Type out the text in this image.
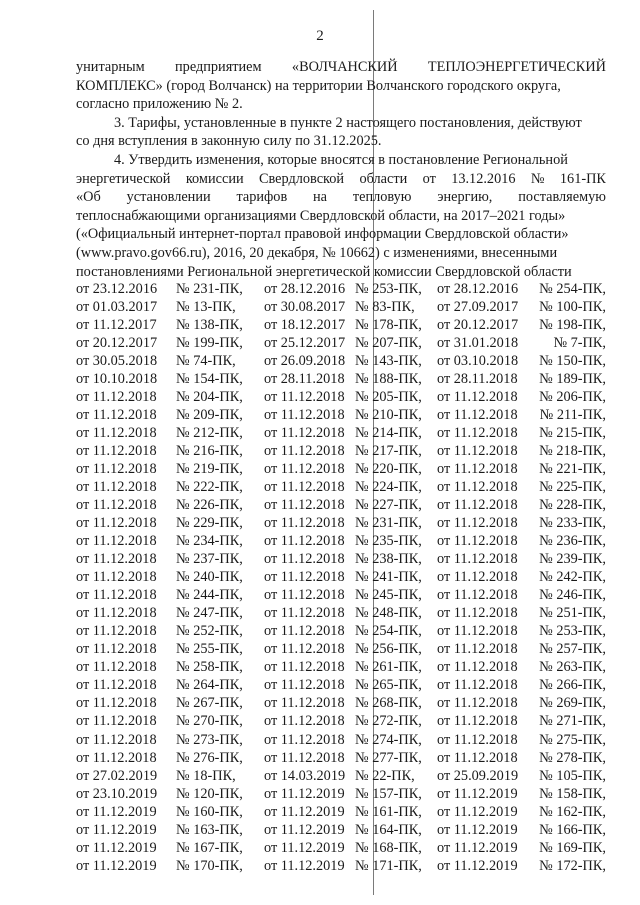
2
унитарным предприятием «ВОЛЧАНСКИЙ ТЕПЛОЭНЕРГЕТИЧЕСКИЙ
КОМПЛЕКС» (город Волчанск) на территории Волчанского городского округа,
согласно приложению № 2.
3. Тарифы, установленные в пункте 2 настоящего постановления, действуют
со дня вступления в законную силу по 31.12.2025.
4. Утвердить изменения, которые вносятся в постановление Региональной
энергетической комиссии Свердловской области от 13.12.2016 № 161-ПК
«Об установлении тарифов на тепловую энергию, поставляемую
теплоснабжающими организациями Свердловской области, на 2017–2021 годы»
(«Официальный интернет-портал правовой информации Свердловской области»
(www.pravo.gov66.ru), 2016, 20 декабря, № 10662) с изменениями, внесенными
постановлениями Региональной энергетической комиссии Свердловской области
от 23.12.2016 № 231-ПК,	от 28.12.2016 № 253-ПК,	от 28.12.2016	№ 254-ПК,
от 01.03.2017 № 13-ПК,	от 30.08.2017 № 83-ПК,	от 27.09.2017	№ 100-ПК,
от 11.12.2017 № 138-ПК,	от 18.12.2017 № 178-ПК,	от 20.12.2017	№ 198-ПК,
от 20.12.2017 № 199-ПК,	от 25.12.2017 № 207-ПК,	от 31.01.2018	№ 7-ПК,
от 30.05.2018 № 74-ПК,	от 26.09.2018 № 143-ПК,	от 03.10.2018	№ 150-ПК,
от 10.10.2018 № 154-ПК,	от 28.11.2018 № 188-ПК,	от 28.11.2018	№ 189-ПК,
от 11.12.2018 № 204-ПК,	от 11.12.2018 № 205-ПК,	от 11.12.2018	№ 206-ПК,
от 11.12.2018 № 209-ПК,	от 11.12.2018 № 210-ПК,	от 11.12.2018	№ 211-ПК,
от 11.12.2018 № 212-ПК,	от 11.12.2018 № 214-ПК,	от 11.12.2018	№ 215-ПК,
от 11.12.2018 № 216-ПК,	от 11.12.2018 № 217-ПК,	от 11.12.2018	№ 218-ПК,
от 11.12.2018 № 219-ПК,	от 11.12.2018 № 220-ПК,	от 11.12.2018	№ 221-ПК,
от 11.12.2018 № 222-ПК,	от 11.12.2018 № 224-ПК,	от 11.12.2018	№ 225-ПК,
от 11.12.2018 № 226-ПК,	от 11.12.2018 № 227-ПК,	от 11.12.2018	№ 228-ПК,
от 11.12.2018 № 229-ПК,	от 11.12.2018 № 231-ПК,	от 11.12.2018	№ 233-ПК,
от 11.12.2018 № 234-ПК,	от 11.12.2018 № 235-ПК,	от 11.12.2018	№ 236-ПК,
от 11.12.2018 № 237-ПК,	от 11.12.2018 № 238-ПК,	от 11.12.2018	№ 239-ПК,
от 11.12.2018 № 240-ПК,	от 11.12.2018 № 241-ПК,	от 11.12.2018	№ 242-ПК,
от 11.12.2018 № 244-ПК,	от 11.12.2018 № 245-ПК,	от 11.12.2018	№ 246-ПК,
от 11.12.2018 № 247-ПК,	от 11.12.2018 № 248-ПК,	от 11.12.2018	№ 251-ПК,
от 11.12.2018 № 252-ПК,	от 11.12.2018 № 254-ПК,	от 11.12.2018	№ 253-ПК,
от 11.12.2018 № 255-ПК,	от 11.12.2018 № 256-ПК,	от 11.12.2018	№ 257-ПК,
от 11.12.2018 № 258-ПК,	от 11.12.2018 № 261-ПК,	от 11.12.2018	№ 263-ПК,
от 11.12.2018 № 264-ПК,	от 11.12.2018 № 265-ПК,	от 11.12.2018	№ 266-ПК,
от 11.12.2018 № 267-ПК,	от 11.12.2018 № 268-ПК,	от 11.12.2018	№ 269-ПК,
от 11.12.2018 № 270-ПК,	от 11.12.2018 № 272-ПК,	от 11.12.2018	№ 271-ПК,
от 11.12.2018 № 273-ПК,	от 11.12.2018 № 274-ПК,	от 11.12.2018	№ 275-ПК,
от 11.12.2018 № 276-ПК,	от 11.12.2018 № 277-ПК,	от 11.12.2018	№ 278-ПК,
от 27.02.2019 № 18-ПК,	от 14.03.2019 № 22-ПК,	от 25.09.2019	№ 105-ПК,
от 23.10.2019 № 120-ПК,	от 11.12.2019 № 157-ПК,	от 11.12.2019	№ 158-ПК,
от 11.12.2019 № 160-ПК,	от 11.12.2019 № 161-ПК,	от 11.12.2019	№ 162-ПК,
от 11.12.2019 № 163-ПК,	от 11.12.2019 № 164-ПК,	от 11.12.2019	№ 166-ПК,
от 11.12.2019 № 167-ПК,	от 11.12.2019 № 168-ПК,	от 11.12.2019	№ 169-ПК,
от 11.12.2019 № 170-ПК,	от 11.12.2019 № 171-ПК,	от 11.12.2019	№ 172-ПК,
